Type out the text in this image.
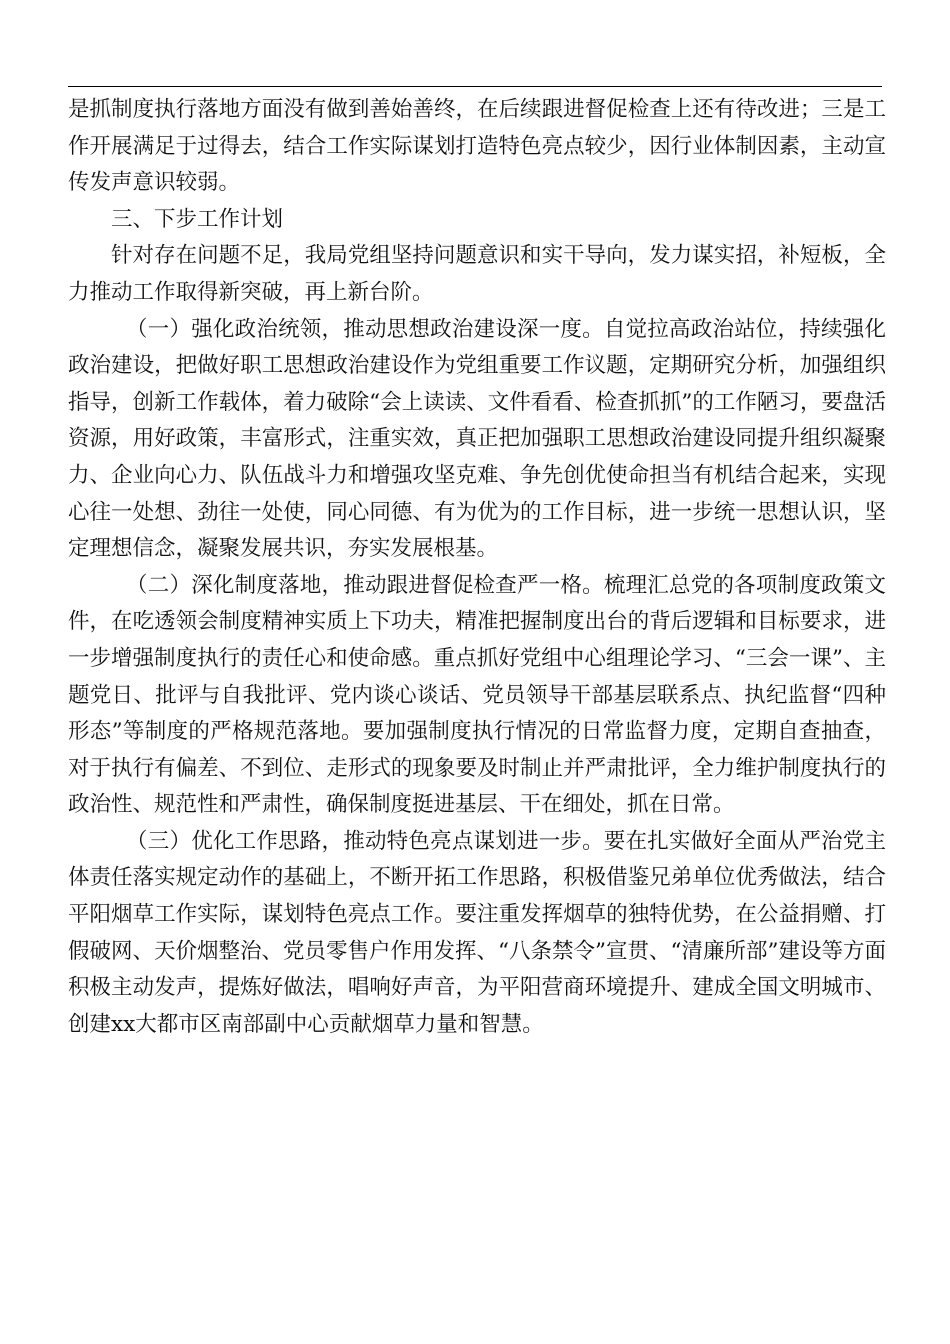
是抓制度执行落地方面没有做到善始善终，在后续跟进督促检查上还有待改进；三是工作开展满足于过得去，结合工作实际谋划打造特色亮点较少，因行业体制因素，主动宣传发声意识较弱。

三、下步工作计划

针对存在问题不足，我局党组坚持问题意识和实干导向，发力谋实招，补短板，全力推动工作取得新突破，再上新台阶。

（一）强化政治统领，推动思想政治建设深一度。自觉拉高政治站位，持续强化政治建设，把做好职工思想政治建设作为党组重要工作议题，定期研究分析，加强组织指导，创新工作载体，着力破除“会上读读、文件看看、检查抓抓”的工作陋习，要盘活资源，用好政策，丰富形式，注重实效，真正把加强职工思想政治建设同提升组织凝聚力、企业向心力、队伍战斗力和增强攻坚克难、争先创优使命担当有机结合起来，实现心往一处想、劲往一处使，同心同德、有为优为的工作目标，进一步统一思想认识，坚定理想信念，凝聚发展共识，夯实发展根基。

（二）深化制度落地，推动跟进督促检查严一格。梳理汇总党的各项制度政策文件，在吃透领会制度精神实质上下功夫，精准把握制度出台的背后逻辑和目标要求，进一步增强制度执行的责任心和使命感。重点抓好党组中心组理论学习、“三会一课”、主题党日、批评与自我批评、党内谈心谈话、党员领导干部基层联系点、执纪监督“四种形态”等制度的严格规范落地。要加强制度执行情况的日常监督力度，定期自查抽查，对于执行有偏差、不到位、走形式的现象要及时制止并严肃批评，全力维护制度执行的政治性、规范性和严肃性，确保制度挺进基层、干在细处，抓在日常。

（三）优化工作思路，推动特色亮点谋划进一步。要在扎实做好全面从严治党主体责任落实规定动作的基础上，不断开拓工作思路，积极借鉴兄弟单位优秀做法，结合平阳烟草工作实际，谋划特色亮点工作。要注重发挥烟草的独特优势，在公益捐赠、打假破网、天价烟整治、党员零售户作用发挥、“八条禁令”宣贯、“清廉所部”建设等方面积极主动发声，提炼好做法，唱响好声音，为平阳营商环境提升、建成全国文明城市、创建xx大都市区南部副中心贡献烟草力量和智慧。
